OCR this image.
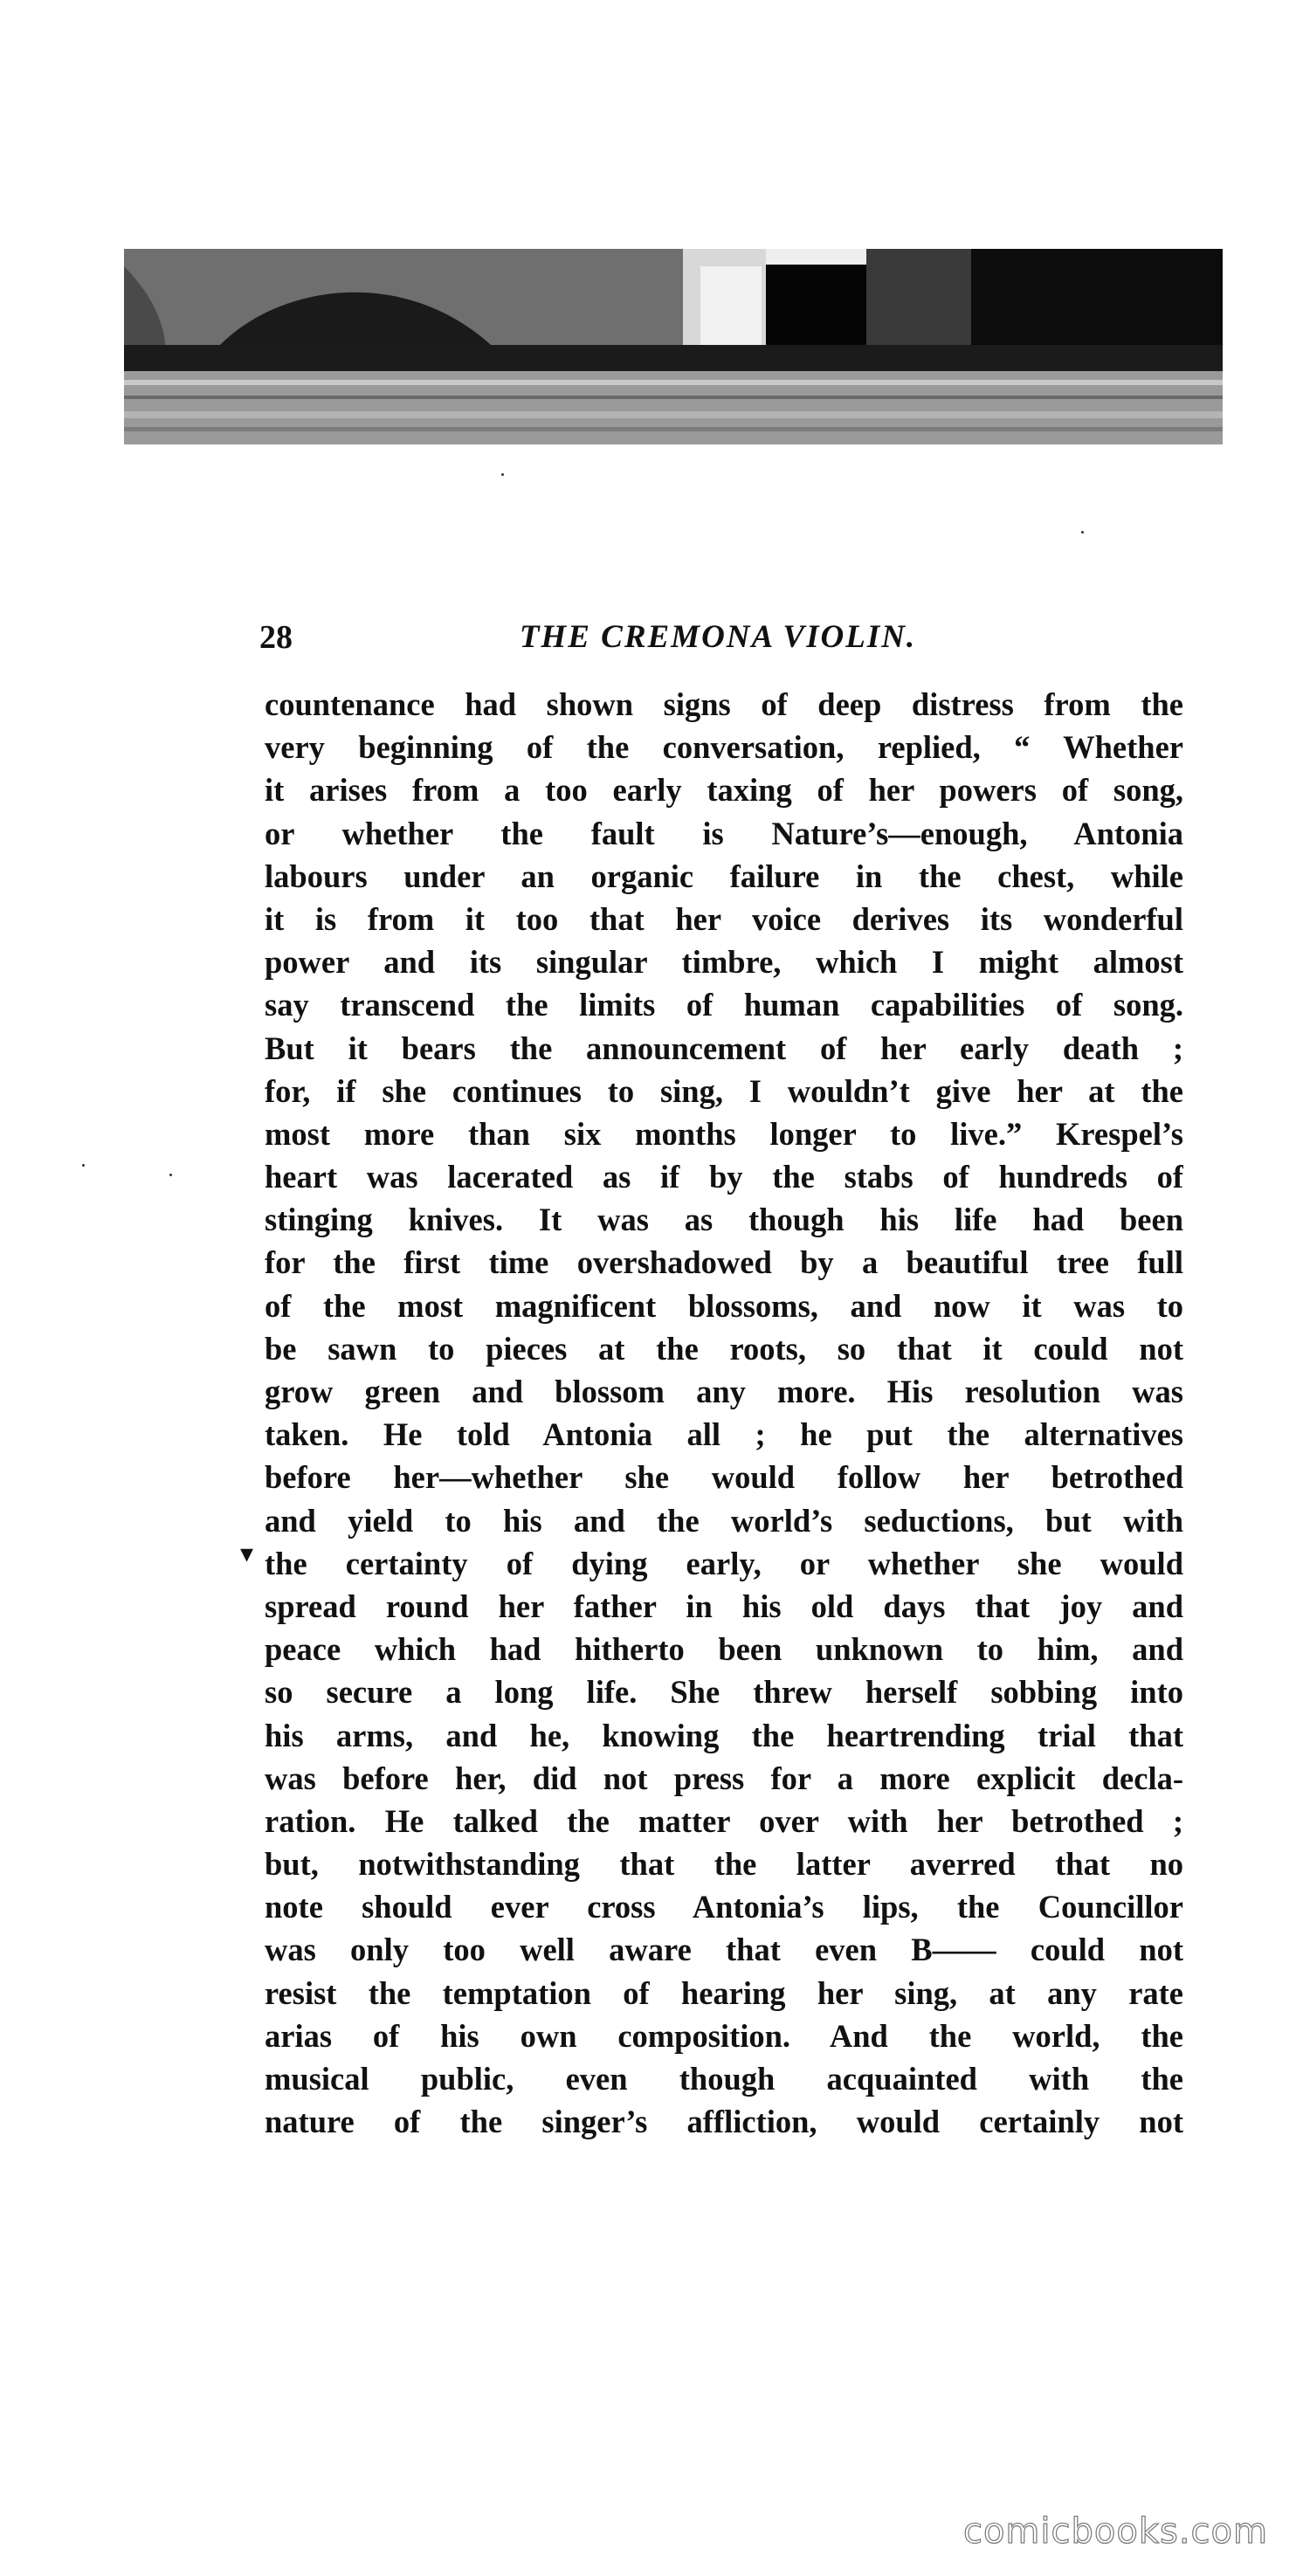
28	THE CREMONA VIOLIN.
countenance had shown signs of deep distress from the
very beginning of the conversation, replied, “ Whether
it arises from a too early taxing of her powers of song,
or whether the fault is Nature’s—enough, Antonia
labours under an organic failure in the chest, while
it is from it too that her voice derives its wonderful
power and its singular timbre, which I might almost
say transcend the limits of human capabilities of song.
But it bears the announcement of her early death ;
for, if she continues to sing, I wouldn’t give her at the
most more than six months longer to live.” Krespel’s
heart was lacerated as if by the stabs of hundreds of
stinging knives. It was as though his life had been
for the first time overshadowed by a beautiful tree full
of the most magnificent blossoms, and now it was to
be sawn to pieces at the roots, so that it could not
grow green and blossom any more. His resolution was
taken. He told Antonia all ; he put the alternatives
before her—whether she would follow her betrothed
and yield to his and the world’s seductions, but with
the certainty of dying early, or whether she would
spread round her father in his old days that joy and
peace which had hitherto been unknown to him, and
so secure a long life. She threw herself sobbing into
his arms, and he, knowing the heartrending trial that
was before her, did not press for a more explicit decla-
ration. He talked the matter over with her betrothed ;
but, notwithstanding that the latter averred that no
note should ever cross Antonia’s lips, the Councillor
was only too well aware that even B—— could not
resist the temptation of hearing her sing, at any rate
arias of his own composition. And the world, the
musical public, even though acquainted with the
nature of the singer’s affliction, would certainly not
▾
comicbooks.com
